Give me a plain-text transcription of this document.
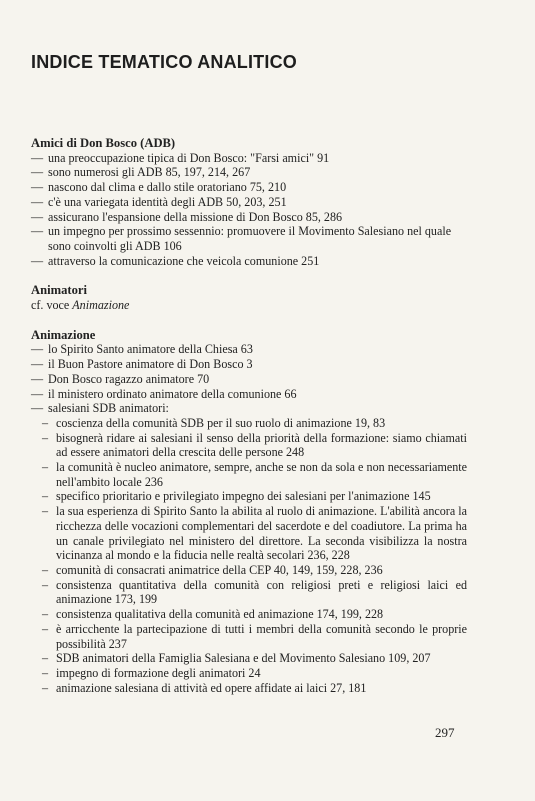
INDICE TEMATICO ANALITICO
Amici di Don Bosco (ADB)
— una preoccupazione tipica di Don Bosco: "Farsi amici" 91
— sono numerosi gli ADB 85, 197, 214, 267
— nascono dal clima e dallo stile oratoriano 75, 210
— c'è una variegata identità degli ADB 50, 203, 251
— assicurano l'espansione della missione di Don Bosco 85, 286
— un impegno per prossimo sessennio: promuovere il Movimento Salesiano nel quale sono coinvolti gli ADB 106
— attraverso la comunicazione che veicola comunione 251
Animatori
cf. voce Animazione
Animazione
— lo Spirito Santo animatore della Chiesa 63
— il Buon Pastore animatore di Don Bosco 3
— Don Bosco ragazzo animatore 70
— il ministero ordinato animatore della comunione 66
— salesiani SDB animatori:
– coscienza della comunità SDB per il suo ruolo di animazione 19, 83
– bisognerà ridare ai salesiani il senso della priorità della formazione: siamo chiamati ad essere animatori della crescita delle persone 248
– la comunità è nucleo animatore, sempre, anche se non da sola e non necessariamente nell'ambito locale 236
– specifico prioritario e privilegiato impegno dei salesiani per l'animazione 145
– la sua esperienza di Spirito Santo la abilita al ruolo di animazione. L'abilità ancora la ricchezza delle vocazioni complementari del sacerdote e del coadiutore. La prima ha un canale privilegiato nel ministero del direttore. La seconda visibilizza la nostra vicinanza al mondo e la fiducia nelle realtà secolari 236, 228
– comunità di consacrati animatrice della CEP 40, 149, 159, 228, 236
– consistenza quantitativa della comunità con religiosi preti e religiosi laici ed animazione 173, 199
– consistenza qualitativa della comunità ed animazione 174, 199, 228
– è arricchente la partecipazione di tutti i membri della comunità secondo le proprie possibilità 237
– SDB animatori della Famiglia Salesiana e del Movimento Salesiano 109, 207
– impegno di formazione degli animatori 24
– animazione salesiana di attività ed opere affidate ai laici 27, 181
297
